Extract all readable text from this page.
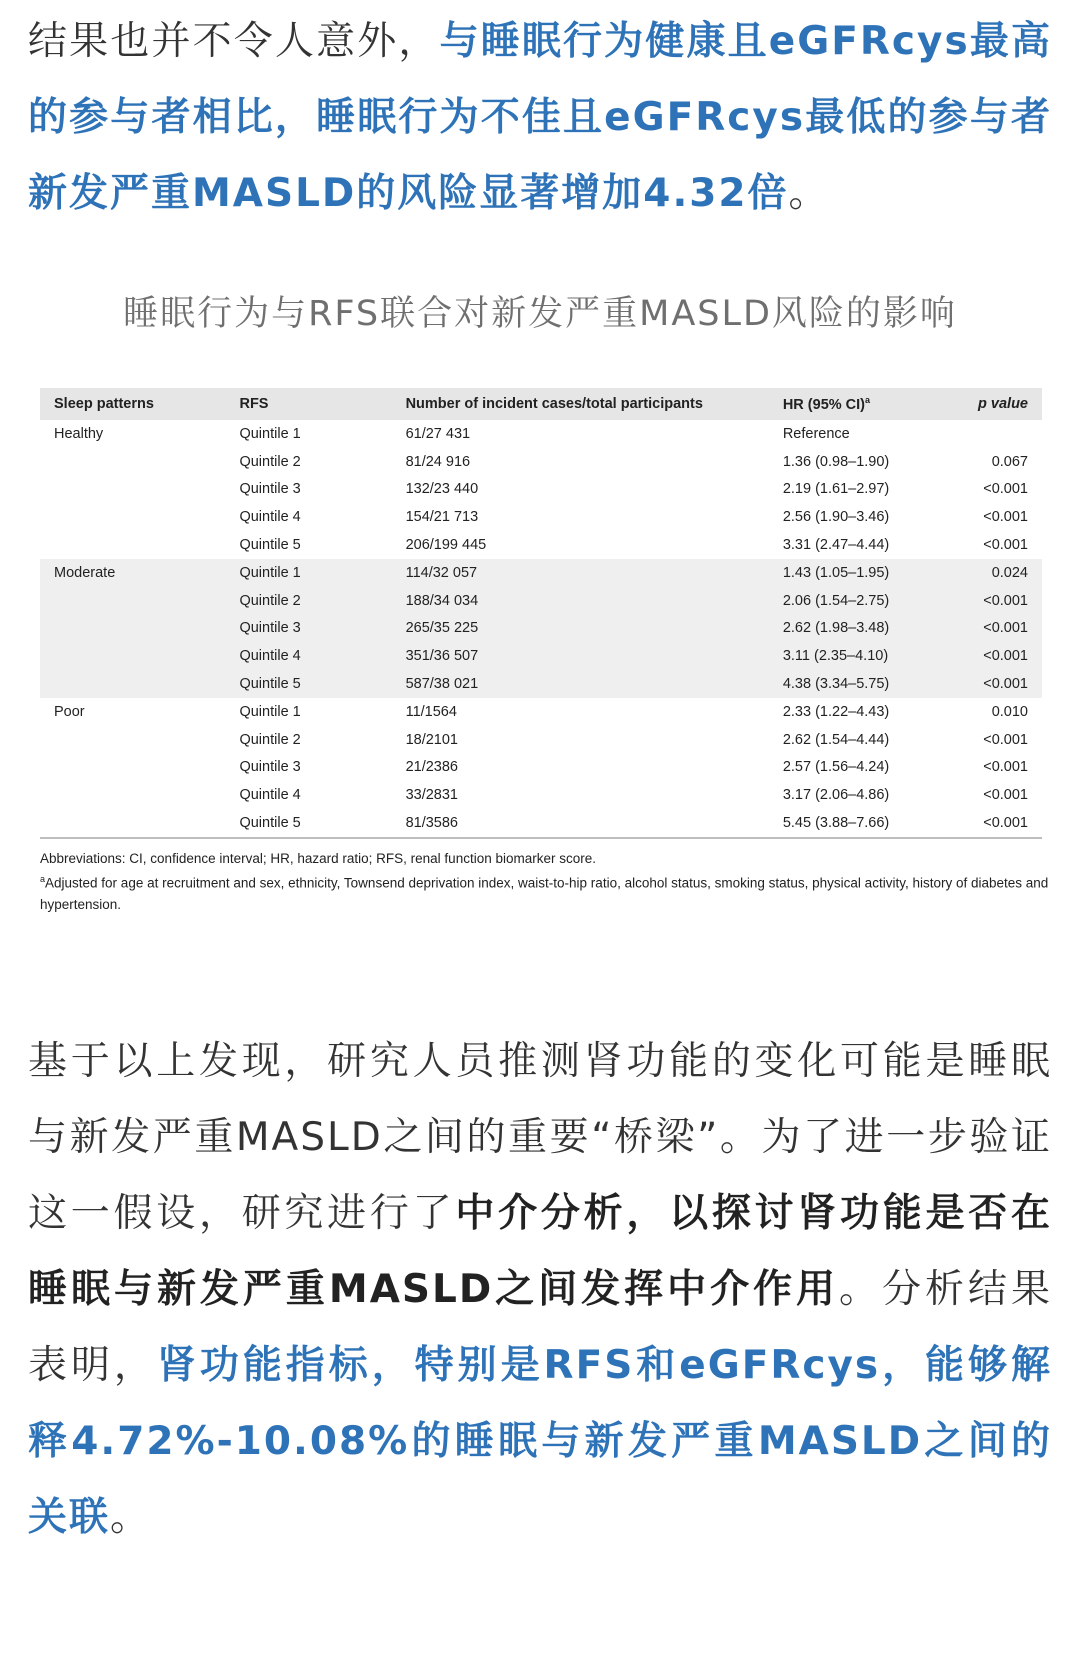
结果也并不令人意外，与睡眠行为健康且eGFRcys最高的参与者相比，睡眠行为不佳且eGFRcys最低的参与者新发严重MASLD的风险显著增加4.32倍。

睡眠行为与RFS联合对新发严重MASLD风险的影响

Sleep patterns	RFS	Number of incident cases/total participants	HR (95% CI)$^a$	p value
Healthy	Quintile 1	61/27 431	Reference	
	Quintile 2	81/24 916	1.36 (0.98–1.90)	0.067
	Quintile 3	132/23 440	2.19 (1.61–2.97)	<0.001
	Quintile 4	154/21 713	2.56 (1.90–3.46)	<0.001
	Quintile 5	206/199 445	3.31 (2.47–4.44)	<0.001
Moderate	Quintile 1	114/32 057	1.43 (1.05–1.95)	0.024
	Quintile 2	188/34 034	2.06 (1.54–2.75)	<0.001
	Quintile 3	265/35 225	2.62 (1.98–3.48)	<0.001
	Quintile 4	351/36 507	3.11 (2.35–4.10)	<0.001
	Quintile 5	587/38 021	4.38 (3.34–5.75)	<0.001
Poor	Quintile 1	11/1564	2.33 (1.22–4.43)	0.010
	Quintile 2	18/2101	2.62 (1.54–4.44)	<0.001
	Quintile 3	21/2386	2.57 (1.56–4.24)	<0.001
	Quintile 4	33/2831	3.17 (2.06–4.86)	<0.001
	Quintile 5	81/3586	5.45 (3.88–7.66)	<0.001

Abbreviations: CI, confidence interval; HR, hazard ratio; RFS, renal function biomarker score.

$^a$Adjusted for age at recruitment and sex, ethnicity, Townsend deprivation index, waist-to-hip ratio, alcohol status, smoking status, physical activity, history of diabetes and hypertension.

基于以上发现，研究人员推测肾功能的变化可能是睡眠与新发严重MASLD之间的重要“桥梁”。为了进一步验证这一假设，研究进行了中介分析，以探讨肾功能是否在睡眠与新发严重MASLD之间发挥中介作用。分析结果表明，肾功能指标，特别是RFS和eGFRcys，能够解释4.72%-10.08%的睡眠与新发严重MASLD之间的关联。
